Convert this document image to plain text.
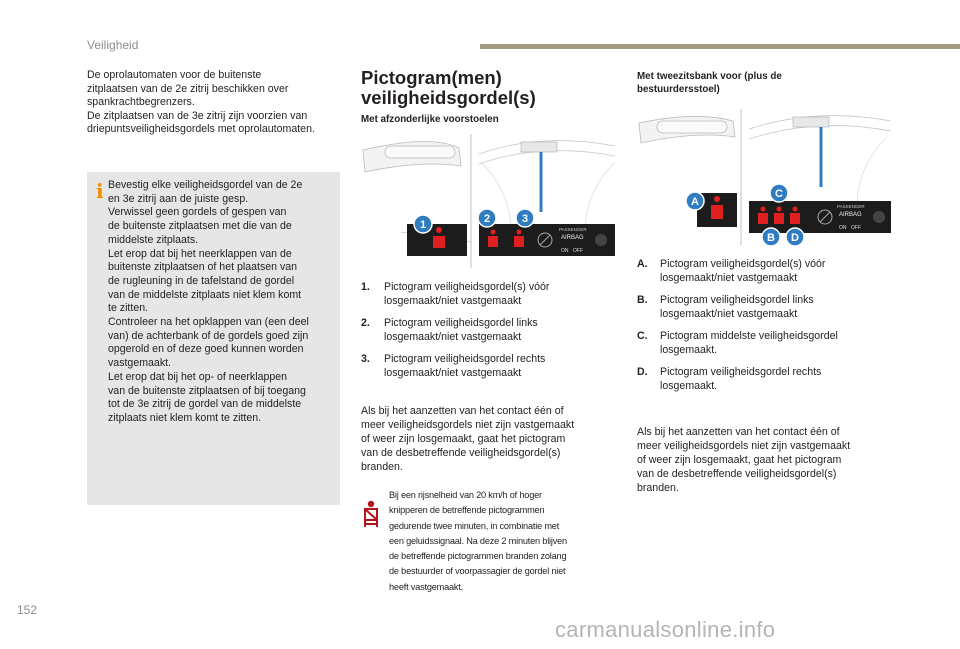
Veiligheid

De oprolautomaten voor de buitenste

zitplaatsen van de 2e zitrij beschikken over

spankrachtbegrenzers.

De zitplaatsen van de 3e zitrij zijn voorzien van

driepuntsveiligheidsgordels met oprolautomaten.

i Bevestig elke veiligheidsgordel van de 2e
en 3e zitrij aan de juiste gesp.
Verwissel geen gordels of gespen van
de buitenste zitplaatsen met die van de
middelste zitplaats.
Let erop dat bij het neerklappen van de
buitenste zitplaatsen of het plaatsen van
de rugleuning in de tafelstand de gordel
van de middelste zitplaats niet klem komt
te zitten.
Controleer na het opklappen van (een deel
van) de achterbank of de gordels goed zijn
opgerold en of deze goed kunnen worden
vastgemaakt.
Let erop dat bij het op- of neerklappen
van de buitenste zitplaatsen of bij toegang
tot de 3e zitrij de gordel van de middelste
zitplaats niet klem komt te zitten.
Pictogram(men)
veiligheidsgordel(s)
Met afzonderlijke voorstoelen
PASSENGER
AIRBAG
ON OFF
1	2	3
1. Pictogram veiligheidsgordel(s) vóór
losgemaakt/niet vastgemaakt
2. Pictogram veiligheidsgordel links
losgemaakt/niet vastgemaakt
3. Pictogram veiligheidsgordel rechts
losgemaakt/niet vastgemaakt
Als bij het aanzetten van het contact één of
meer veiligheidsgordels niet zijn vastgemaakt
of weer zijn losgemaakt, gaat het pictogram
van de desbetreffende veiligheidsgordel(s)
branden.
Bij een rijsnelheid van 20 km/h of hoger
knipperen de betreffende pictogrammen
gedurende twee minuten, in combinatie met
een geluidssignaal. Na deze 2 minuten blijven
de betreffende pictogrammen branden zolang
de bestuurder of voorpassagier de gordel niet
heeft vastgemaakt.
Met tweezitsbank voor (plus de
bestuurdersstoel)
PASSENGER
AIRBAG
ON OFF
A
B
C
D
A. Pictogram veiligheidsgordel(s) vóór
losgemaakt/niet vastgemaakt
B. Pictogram veiligheidsgordel links
losgemaakt/niet vastgemaakt
C. Pictogram middelste veiligheidsgordel
losgemaakt.
D. Pictogram veiligheidsgordel rechts
losgemaakt.
Als bij het aanzetten van het contact één of
meer veiligheidsgordels niet zijn vastgemaakt
of weer zijn losgemaakt, gaat het pictogram
van de desbetreffende veiligheidsgordel(s)
branden.
152
carmanualsonline.info
